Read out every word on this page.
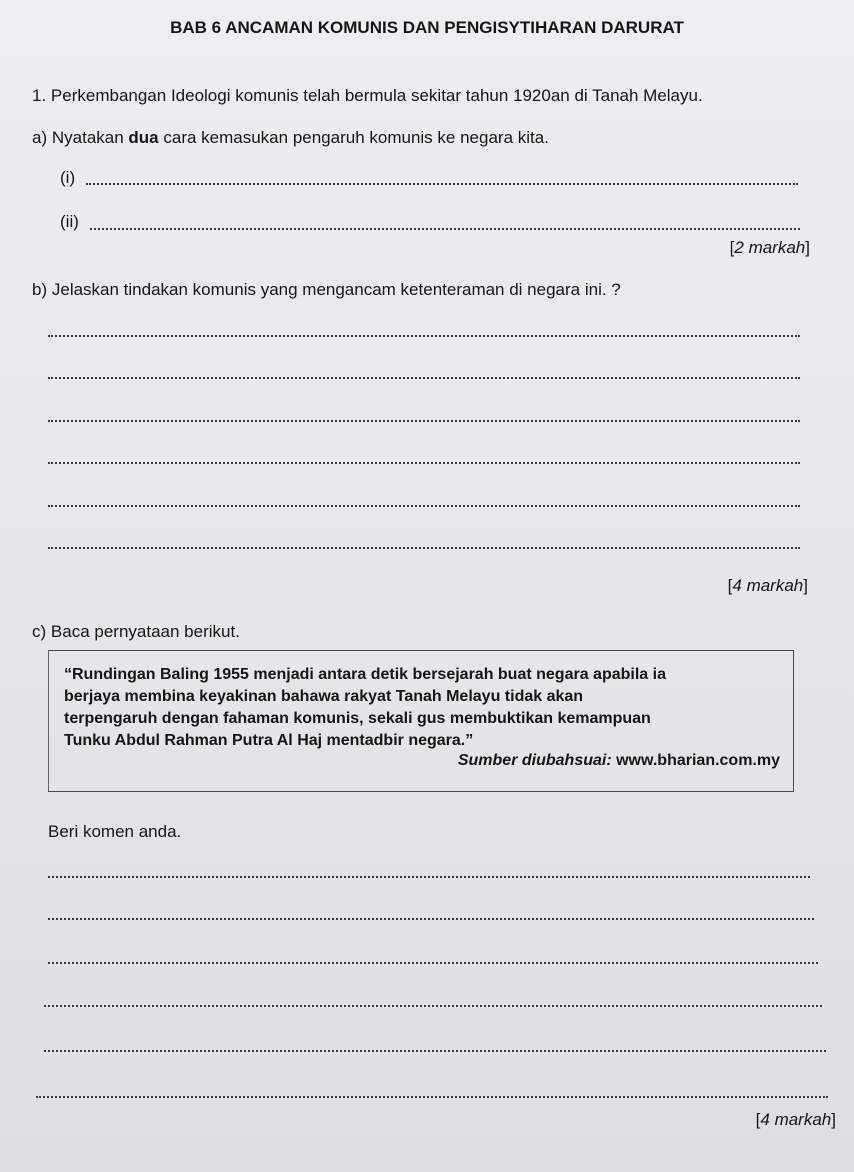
BAB 6 ANCAMAN KOMUNIS DAN PENGISYTIHARAN DARURAT
1. Perkembangan Ideologi komunis telah bermula sekitar tahun 1920an di Tanah Melayu.
a) Nyatakan dua cara kemasukan pengaruh komunis ke negara kita.
(i)
(ii)
[2 markah]
b) Jelaskan tindakan komunis yang mengancam ketenteraman di negara ini. ?
[4 markah]
c) Baca pernyataan berikut.
“Rundingan Baling 1955 menjadi antara detik bersejarah buat negara apabila ia
berjaya membina keyakinan bahawa rakyat Tanah Melayu tidak akan
terpengaruh dengan fahaman komunis, sekali gus membuktikan kemampuan
Tunku Abdul Rahman Putra Al Haj mentadbir negara.”
Sumber diubahsuai: www.bharian.com.my
Beri komen anda.
[4 markah]
